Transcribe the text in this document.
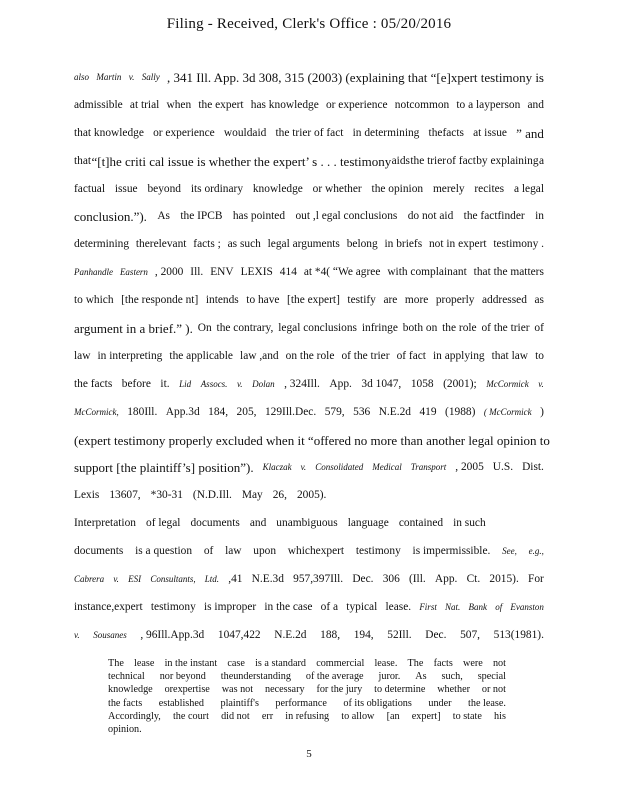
Filing - Received, Clerk's Office : 05/20/2016
also Martin v. Sally , 341 Ill. App. 3d 308, 315 (2003) (explaining that “[e]xpert testimony is
admissible at trial when the expert has knowledge or experience notcommon to a layperson and
that knowledge or experience wouldaid the trier of fact in determining thefacts at issue ” and
that “[t]he criti cal issue is whether the expert’ s . . . testimony aids the trier of fact by explaining a
factual issue beyond its ordinary knowledge or whether the opinion merely recites a legal
conclusion.”). As the IPCB has pointed out ,l egal conclusions do not aid the factfinder in
determining therelevant facts ; as such legal arguments belong in briefs not in expert testimony .
Panhandle Eastern , 2000 Ill. ENV LEXIS 414 at *4( “We agree with complainant that the matters
to which [the responde nt] intends to have [the expert] testify are more properly addressed as
argument in a brief.” ). On the contrary, legal conclusions infringe both on the role of the trier of
law in interpreting the applicable law ,and on the role of the trier of fact in applying that law to
the facts before it. Lid Assocs. v. Dolan , 324Ill. App. 3d 1047, 1058 (2001); McCormick v.
McCormick, 180Ill. App.3d 184, 205, 129Ill.Dec. 579, 536 N.E.2d 419 (1988) ( McCormick )
(expert testimony properly excluded when it “offered no more than another legal opinion to
support [the plaintiff’s] position”). Klaczak v. Consolidated Medical Transport , 2005 U.S. Dist.
Lexis 13607, *30-31 (N.D.Ill. May 26, 2005).
Interpretation of legal documents and unambiguous language contained in such
documents is a question of law upon whichexpert testimony is impermissible. See, e.g.,
Cabrera v. ESI Consultants, Ltd. ,41 N.E.3d 957,397Ill. Dec. 306 (Ill. App. Ct. 2015). For
instance,expert testimony is improper in the case of a typical lease. First Nat. Bank of Evanston
v. Sousanes , 96Ill.App.3d 1047,422 N.E.2d 188, 194, 52Ill. Dec. 507, 513(1981).
The lease in the instant case is a standard commercial lease. The facts were not
technical nor beyond theunderstanding of the average juror. As such, special
knowledge orexpertise was not necessary for the jury to determine whether or not
the facts established plaintiff's performance of its obligations under the lease.
Accordingly, the court did not err in refusing to allow [an expert] to state his
opinion.
5
